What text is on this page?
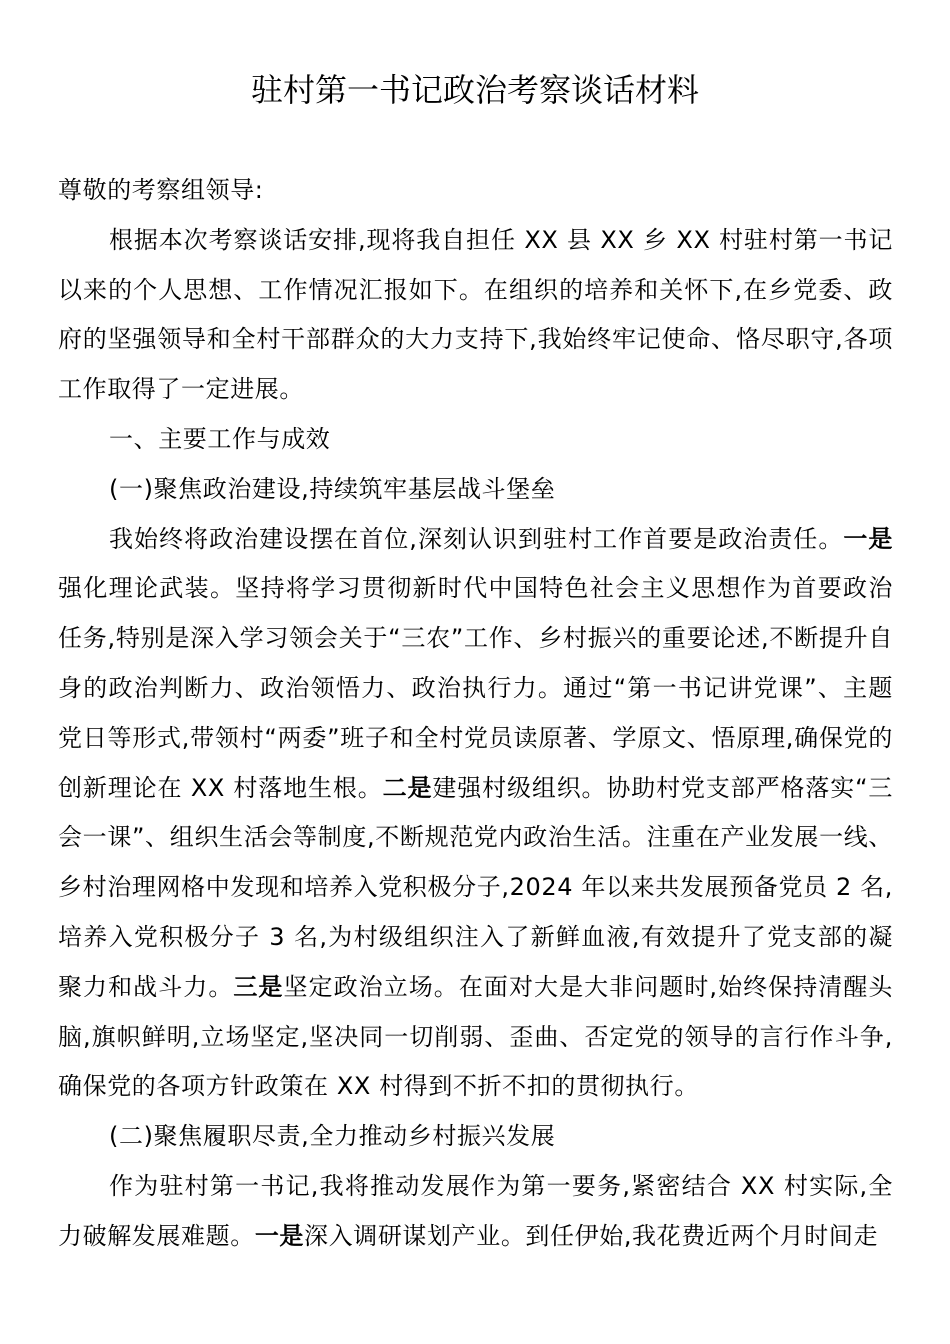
驻村第一书记政治考察谈话材料

尊敬的考察组领导:

根据本次考察谈话安排,现将我自担任 XX 县 XX 乡 XX 村驻村第一书记以来的个人思想、工作情况汇报如下。在组织的培养和关怀下,在乡党委、政府的坚强领导和全村干部群众的大力支持下,我始终牢记使命、恪尽职守,各项工作取得了一定进展。

一、主要工作与成效

(一)聚焦政治建设,持续筑牢基层战斗堡垒

我始终将政治建设摆在首位,深刻认识到驻村工作首要是政治责任。一是强化理论武装。坚持将学习贯彻新时代中国特色社会主义思想作为首要政治任务,特别是深入学习领会关于“三农”工作、乡村振兴的重要论述,不断提升自身的政治判断力、政治领悟力、政治执行力。通过“第一书记讲党课”、主题党日等形式,带领村“两委”班子和全村党员读原著、学原文、悟原理,确保党的创新理论在 XX 村落地生根。二是建强村级组织。协助村党支部严格落实“三会一课”、组织生活会等制度,不断规范党内政治生活。注重在产业发展一线、乡村治理网格中发现和培养入党积极分子,2024 年以来共发展预备党员 2 名,培养入党积极分子 3 名,为村级组织注入了新鲜血液,有效提升了党支部的凝聚力和战斗力。三是坚定政治立场。在面对大是大非问题时,始终保持清醒头脑,旗帜鲜明,立场坚定,坚决同一切削弱、歪曲、否定党的领导的言行作斗争,确保党的各项方针政策在 XX 村得到不折不扣的贯彻执行。

(二)聚焦履职尽责,全力推动乡村振兴发展

作为驻村第一书记,我将推动发展作为第一要务,紧密结合 XX 村实际,全力破解发展难题。一是深入调研谋划产业。到任伊始,我花费近两个月时间走
